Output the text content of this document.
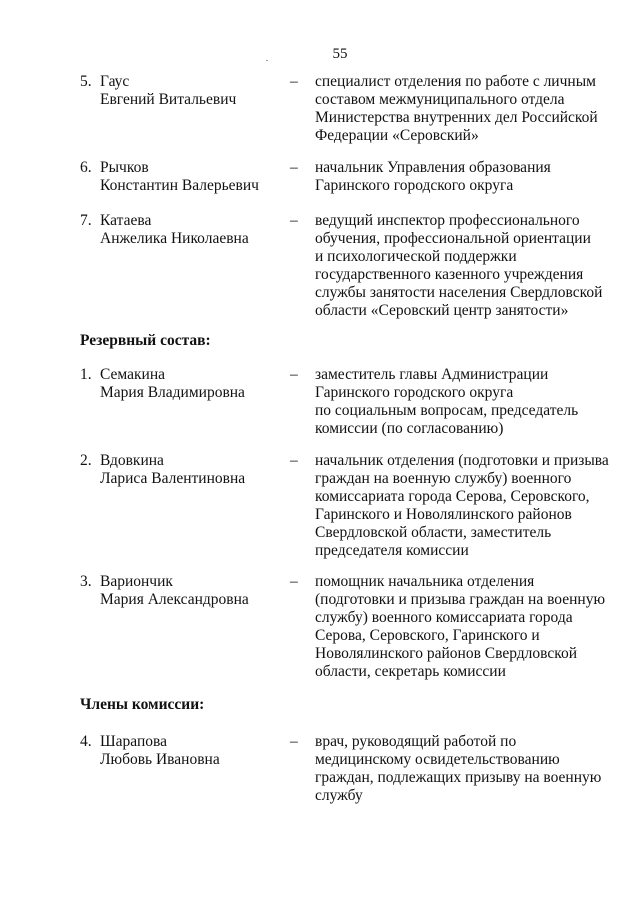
55
5. Гаус
Евгений Витальевич
– специалист отделения по работе с личным
составом межмуниципального отдела
Министерства внутренних дел Российской
Федерации «Серовский»
6. Рычков
Константин Валерьевич
– начальник Управления образования
Гаринского городского округа
7. Катаева
Анжелика Николаевна
– ведущий инспектор профессионального
обучения, профессиональной ориентации
и психологической поддержки
государственного казенного учреждения
службы занятости населения Свердловской
области «Серовский центр занятости»
Резервный состав:
1. Семакина
Мария Владимировна
– заместитель главы Администрации
Гаринского городского округа
по социальным вопросам, председатель
комиссии (по согласованию)
2. Вдовкина
Лариса Валентиновна
– начальник отделения (подготовки и призыва
граждан на военную службу) военного
комиссариата города Серова, Серовского,
Гаринского и Новолялинского районов
Свердловской области, заместитель
председателя комиссии
3. Вариончик
Мария Александровна
– помощник начальника отделения
(подготовки и призыва граждан на военную
службу) военного комиссариата города
Серова, Серовского, Гаринского и
Новолялинского районов Свердловской
области, секретарь комиссии
Члены комиссии:
4. Шарапова
Любовь Ивановна
– врач, руководящий работой по
медицинскому освидетельствованию
граждан, подлежащих призыву на военную
службу
